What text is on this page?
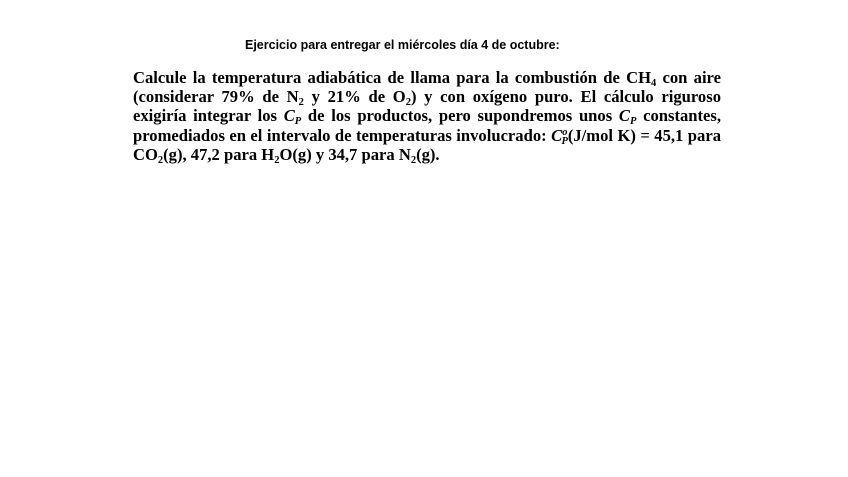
Ejercicio para entregar el miércoles día 4 de octubre:

Calcule la temperatura adiabática de llama para la combustión de $CH_4$ con aire (considerar 79% de $N_2$ y 21% de $O_2$) y con oxígeno puro. El cálculo riguroso exigiría integrar los $C_P$ de los productos, pero supondremos unos $C_P$ constantes, promediados en el intervalo de temperaturas involucrado: $C^o_P(J$/mol K) = 45,1 para $CO_2(g)$, 47,2 para $H_2O(g)$ y 34,7 para $N_2(g)$.
